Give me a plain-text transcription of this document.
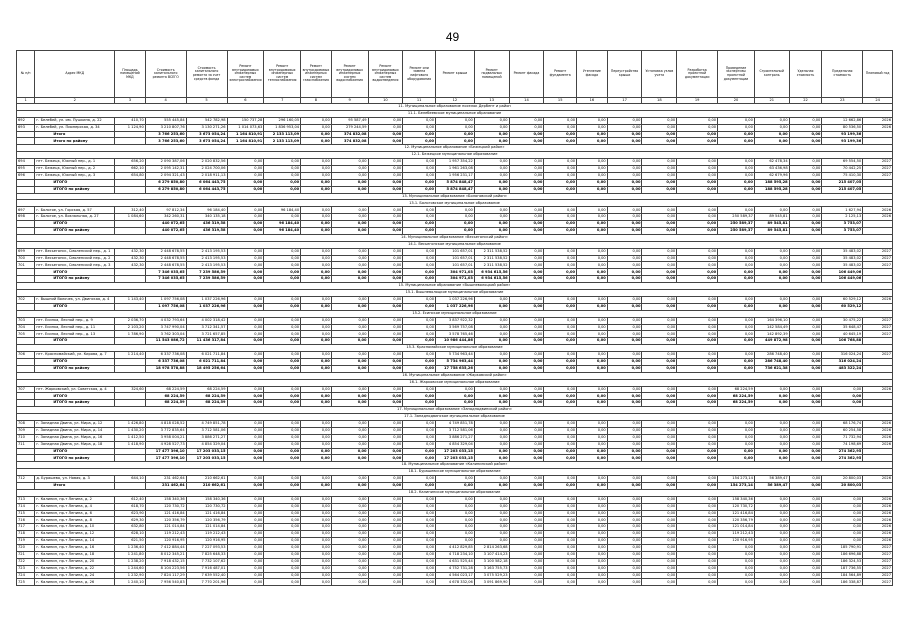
49
№ п/п	Адрес МКД	Площадь помещений МКД	Стоимость капитального ремонта ВСЕГО	Стоимость капитального ремонта за счет средств фонда	Ремонт внутридомовых инженерных систем электроснабжения	Ремонт внутридомовых инженерных систем теплоснабжения	Ремонт внутридомовых инженерных систем газоснабжения	Ремонт внутридомовых инженерных систем водоснабжения	Ремонт внутридомовых инженерных систем водоотведения	Ремонт или замена лифтового оборудования	Ремонт крыши	Ремонт подвальных помещений	Ремонт фасада	Ремонт фундамента	Утепление фасада	Переустройство крыши	Установка узлов учета	Разработка проектной документации	Проведение экспертизы проектной документации	Строительный контроль	Удельная стоимость	Предельная стоимость	Плановый год
1	2	3	4	5	6	7	8	9	10	11	12	13	14	15	16	17	18	19	20	21	22	23	24
11. Муниципальное образование поселок Дербент и район																							
11.1. Белебеевское муниципальное образование																							
692	г. Белебей, ул. им. Пушкина, д. 22	410,70	555 445,84	542 782,98	150 737,28	296 160,05	0,00	95 587,49	0,00	0,00	0,00	0,00	0,00	0,00	0,00	0,00	0,00	0,00	0,00	0,00	0,00	12 662,86	2026
693	г. Белебей, ул. Пионерская, д. 34	1 124,90	3 210 807,76	3 130 271,26	1 014 073,63	1 836 953,04	0,00	279 244,59	0,00	0,00	0,00	0,00	0,00	0,00	0,00	0,00	0,00	0,00	0,00	0,00	0,00	80 536,50	2026
	Итого		3 766 253,60	3 673 054,24	1 164 810,91	2 133 113,09	0,00	374 832,08	0,00	0,00	0,00	0,00	0,00	0,00	0,00	0,00	0,00	0,00	0,00	0,00	0,00	93 199,36	
	Итого по району		3 766 253,60	3 673 054,24	1 164 810,91	2 133 113,09	0,00	374 832,08	0,00	0,00	0,00	0,00	0,00	0,00	0,00	0,00	0,00	0,00	0,00	0,00	0,00	93 199,36	
12. Муниципальное образование «Бежецкий район»																							
12.1. Бежецкое муниципальное образование																							
694	пгт. Бежецк, Южный пер., д. 1	656,20	2 090 387,06	2 020 832,56	0,00	0,00	0,00	0,00	0,00	0,00	1 957 354,22	0,00	0,00	0,00	0,00	0,00	0,00	0,00	0,00	62 478,34	0,00	69 554,50	2027
695	пгт. Бежецк, Южный пер., д. 2	662,10	2 095 142,31	2 024 700,06	0,00	0,00	0,00	0,00	0,00	0,00	1 961 263,08	0,00	0,00	0,00	0,00	0,00	0,00	0,00	0,00	63 436,98	0,00	70 442,25	2027
696	пгт. Бежецк, Южный пер., д. 3	654,80	2 094 321,43	2 018 911,13	0,00	0,00	0,00	0,00	0,00	0,00	1 956 231,17	0,00	0,00	0,00	0,00	0,00	0,00	0,00	0,00	62 679,96	0,00	75 410,30	2027
	ИТОГО		6 279 850,80	6 064 443,75	0,00	0,00	0,00	0,00	0,00	0,00	5 874 848,47	0,00	0,00	0,00	0,00	0,00	0,00	0,00	0,00	188 595,28	0,00	215 407,05	
	ИТОГО по району		6 279 850,80	6 064 443,75	0,00	0,00	0,00	0,00	0,00	0,00	5 874 848,47	0,00	0,00	0,00	0,00	0,00	0,00	0,00	0,00	188 595,28	0,00	215 407,05	
13. Муниципальное образование «Бологовский район»																							
13.1. Бологовское муниципальное образование																							
697	г. Бологое, ул. Горская, д. 57	312,40	97 812,34	96 184,40	0,00	96 184,40	0,00	0,00	0,00	0,00	0,00	0,00	0,00	0,00	0,00	0,00	0,00	0,00	0,00	0,00	0,00	1 627,94	2026
698	г. Бологое, ул. Вокзальная, д. 27	1 084,60	342 260,31	340 135,18	0,00	0,00	0,00	0,00	0,00	0,00	0,00	0,00	0,00	0,00	0,00	0,00	0,00	0,00	250 589,37	89 545,81	0,00	2 125,13	2026
	ИТОГО		440 072,65	436 319,58	0,00	96 184,40	0,00	0,00	0,00	0,00	0,00	0,00	0,00	0,00	0,00	0,00	0,00	0,00	250 589,37	89 545,81	0,00	3 753,07	
	ИТОГО по району		440 072,65	436 319,58	0,00	96 184,40	0,00	0,00	0,00	0,00	0,00	0,00	0,00	0,00	0,00	0,00	0,00	0,00	250 589,37	89 545,81	0,00	3 753,07	
14. Муниципальное образование «Весьегонский район»																							
14.1. Весьегонское муниципальное образование																							
699	пгт. Весьегонск, Смоленский пер., д. 1	432,30	2 448 678,55	2 413 195,53	0,00	0,00	0,00	0,00	0,00	0,00	101 657,01	2 311 538,52	0,00	0,00	0,00	0,00	0,00	0,00	0,00	0,00	0,00	35 483,02	2027
700	пгт. Весьегонск, Смоленский пер., д. 2	432,30	2 448 678,55	2 413 195,53	0,00	0,00	0,00	0,00	0,00	0,00	101 657,01	2 311 538,52	0,00	0,00	0,00	0,00	0,00	0,00	0,00	0,00	0,00	35 483,02	2027
701	пгт. Весьегонск, Смоленский пер., д. 3	432,30	2 448 678,55	2 413 195,53	0,00	0,00	0,00	0,00	0,00	0,00	101 657,01	2 311 538,52	0,00	0,00	0,00	0,00	0,00	0,00	0,00	0,00	0,00	35 483,02	2027
	ИТОГО		7 346 035,65	7 239 586,59	0,00	0,00	0,00	0,00	0,00	0,00	304 971,03	6 934 615,56	0,00	0,00	0,00	0,00	0,00	0,00	0,00	0,00	0,00	106 449,06	
	ИТОГО по району		7 346 035,65	7 239 586,59	0,00	0,00	0,00	0,00	0,00	0,00	304 971,03	6 934 615,56	0,00	0,00	0,00	0,00	0,00	0,00	0,00	0,00	0,00	106 449,06	
15. Муниципальное образование «Вышневолоцкий район»																							
15.1. Вышневолоцкое муниципальное образование																							
702	г. Вышний Волочек, ул. Двинская, д. 4	1 143,40	1 097 756,08	1 037 226,96	0,00	0,00	0,00	0,00	0,00	0,00	1 037 226,96	0,00	0,00	0,00	0,00	0,00	0,00	0,00	0,00	0,00	0,00	60 529,12	2026
	ИТОГО		1 097 756,08	1 037 226,96	0,00	0,00	0,00	0,00	0,00	0,00	1 037 226,96	0,00	0,00	0,00	0,00	0,00	0,00	0,00	0,00	0,00	0,00	60 529,12	
15.2. Есинское муниципальное образование																							
703	пгт. Есинка, Лесной пер., д. 9	2 036,70	4 032 793,64	4 002 318,42	0,00	0,00	0,00	0,00	0,00	0,00	3 837 922,32	0,00	0,00	0,00	0,00	0,00	0,00	0,00	0,00	164 396,10	0,00	30 475,22	2027
704	пгт. Есинка, Лесной пер., д. 11	2 103,20	3 747 990,04	3 712 341,57	0,00	0,00	0,00	0,00	0,00	0,00	3 569 757,08	0,00	0,00	0,00	0,00	0,00	0,00	0,00	0,00	142 584,49	0,00	35 648,47	2027
705	пгт. Есинка, Лесной пер., д. 13	1 786,90	3 762 303,04	3 721 657,85	0,00	0,00	0,00	0,00	0,00	0,00	3 578 765,46	0,00	0,00	0,00	0,00	0,00	0,00	0,00	0,00	142 892,39	0,00	40 645,19	2027
	ИТОГО		11 543 086,72	11 436 317,84	0,00	0,00	0,00	0,00	0,00	0,00	10 986 444,86	0,00	0,00	0,00	0,00	0,00	0,00	0,00	0,00	449 872,98	0,00	106 768,88	
15.3. Красномайское муниципальное образование																							
706	пгт. Красномайский, ул. Кирова, д. 7	1 214,40	6 337 736,08	6 021 711,84	0,00	0,00	0,00	0,00	0,00	0,00	5 734 963,44	0,00	0,00	0,00	0,00	0,00	0,00	0,00	0,00	286 748,40	0,00	316 024,24	2027
	ИТОГО		6 337 736,08	6 021 711,84	0,00	0,00	0,00	0,00	0,00	0,00	5 734 963,44	0,00	0,00	0,00	0,00	0,00	0,00	0,00	0,00	286 748,40	0,00	316 024,24	
	ИТОГО по району		18 978 578,88	18 495 256,64	0,00	0,00	0,00	0,00	0,00	0,00	17 758 635,26	0,00	0,00	0,00	0,00	0,00	0,00	0,00	0,00	736 621,38	0,00	483 322,24	
16. Муниципальное образование «Жарковский район»																							
16.1. Жарковское муниципальное образование																							
707	пгт. Жарковский, ул. Советская, д. 4	324,60	68 224,59	68 224,59	0,00	0,00	0,00	0,00	0,00	0,00	0,00	0,00	0,00	0,00	0,00	0,00	0,00	0,00	68 224,59	0,00	0,00	0,00	2026
	ИТОГО		68 224,59	68 224,59	0,00	0,00	0,00	0,00	0,00	0,00	0,00	0,00	0,00	0,00	0,00	0,00	0,00	0,00	68 224,59	0,00	0,00	0,00	
	ИТОГО по району		68 224,59	68 224,59	0,00	0,00	0,00	0,00	0,00	0,00	0,00	0,00	0,00	0,00	0,00	0,00	0,00	0,00	68 224,59	0,00	0,00	0,00	
17. Муниципальное образование «Западнодвинский район»																							
17.1. Западнодвинское муниципальное образование																							
708	г. Западная Двина, ул. Мира, д. 12	1 426,80	4 818 028,52	4 749 851,78	0,00	0,00	0,00	0,00	0,00	0,00	4 749 851,78	0,00	0,00	0,00	0,00	0,00	0,00	0,00	0,00	0,00	0,00	68 176,74	2026
709	г. Западная Двина, ул. Мира, д. 14	1 430,20	3 772 835,64	3 712 581,06	0,00	0,00	0,00	0,00	0,00	0,00	3 712 581,06	0,00	0,00	0,00	0,00	0,00	0,00	0,00	0,00	0,00	0,00	60 254,58	2026
710	г. Западная Двина, ул. Мира, д. 16	1 412,50	3 958 004,21	3 886 271,27	0,00	0,00	0,00	0,00	0,00	0,00	3 886 271,27	0,00	0,00	0,00	0,00	0,00	0,00	0,00	0,00	0,00	0,00	71 732,94	2026
711	г. Западная Двина, ул. Мира, д. 18	1 418,90	4 928 527,73	4 854 329,04	0,00	0,00	0,00	0,00	0,00	0,00	4 854 329,04	0,00	0,00	0,00	0,00	0,00	0,00	0,00	0,00	0,00	0,00	74 198,69	2026
	ИТОГО		17 477 396,10	17 203 033,15	0,00	0,00	0,00	0,00	0,00	0,00	17 203 033,15	0,00	0,00	0,00	0,00	0,00	0,00	0,00	0,00	0,00	0,00	274 362,95	
	ИТОГО по району		17 477 396,10	17 203 033,15	0,00	0,00	0,00	0,00	0,00	0,00	17 203 033,15	0,00	0,00	0,00	0,00	0,00	0,00	0,00	0,00	0,00	0,00	274 362,95	
18. Муниципальное образование «Калининский район»																							
18.1. Бурашевское муниципальное образование																							
712	д. Бурашево, ул. Новая, д. 3	644,10	231 462,64	210 662,61	0,00	0,00	0,00	0,00	0,00	0,00	0,00	0,00	0,00	0,00	0,00	0,00	0,00	0,00	154 273,14	56 389,47	0,00	20 800,03	2026
	Итого		231 462,64	210 662,61	0,00	0,00	0,00	0,00	0,00	0,00	0,00	0,00	0,00	0,00	0,00	0,00	0,00	0,00	154 273,14	56 389,47	0,00	20 800,03	
18.2. Калининское муниципальное образование																							
713	г. Калинин, пр-т Ленина, д. 2	612,40	158 340,36	158 340,36	0,00	0,00	0,00	0,00	0,00	0,00	0,00	0,00	0,00	0,00	0,00	0,00	0,00	0,00	158 340,36	0,00	0,00	0,00	2026
714	г. Калинин, пр-т Ленина, д. 4	618,70	120 730,72	120 730,72	0,00	0,00	0,00	0,00	0,00	0,00	0,00	0,00	0,00	0,00	0,00	0,00	0,00	0,00	120 730,72	0,00	0,00	0,00	2026
715	г. Калинин, пр-т Ленина, д. 6	623,90	121 416,84	121 416,84	0,00	0,00	0,00	0,00	0,00	0,00	0,00	0,00	0,00	0,00	0,00	0,00	0,00	0,00	121 416,84	0,00	0,00	0,00	2026
716	г. Калинин, пр-т Ленина, д. 8	629,30	120 356,79	120 356,79	0,00	0,00	0,00	0,00	0,00	0,00	0,00	0,00	0,00	0,00	0,00	0,00	0,00	0,00	120 356,79	0,00	0,00	0,00	2026
717	г. Калинин, пр-т Ленина, д. 10	632,80	121 014,84	121 014,84	0,00	0,00	0,00	0,00	0,00	0,00	0,00	0,00	0,00	0,00	0,00	0,00	0,00	0,00	121 014,84	0,00	0,00	0,00	2026
718	г. Калинин, пр-т Ленина, д. 12	628,10	119 212,43	119 212,43	0,00	0,00	0,00	0,00	0,00	0,00	0,00	0,00	0,00	0,00	0,00	0,00	0,00	0,00	119 212,43	0,00	0,00	0,00	2026
719	г. Калинин, пр-т Ленина, д. 14	621,50	120 916,95	120 916,95	0,00	0,00	0,00	0,00	0,00	0,00	0,00	0,00	0,00	0,00	0,00	0,00	0,00	0,00	120 916,95	0,00	0,00	0,00	2026
720	г. Калинин, пр-т Ленина, д. 16	1 236,40	7 412 884,44	7 227 093,53	0,00	0,00	0,00	0,00	0,00	0,00	4 412 829,85	2 814 263,68	0,00	0,00	0,00	0,00	0,00	0,00	0,00	0,00	0,00	185 790,91	2027
721	г. Калинин, пр-т Ленина, д. 18	1 241,80	8 012 345,21	7 825 648,33	0,00	0,00	0,00	0,00	0,00	0,00	4 718 234,10	3 107 414,23	0,00	0,00	0,00	0,00	0,00	0,00	0,00	0,00	0,00	186 696,88	2027
722	г. Калинин, пр-т Ленина, д. 20	1 238,20	7 918 432,15	7 732 107,62	0,00	0,00	0,00	0,00	0,00	0,00	4 631 525,44	3 100 582,18	0,00	0,00	0,00	0,00	0,00	0,00	0,00	0,00	0,00	186 324,53	2027
723	г. Калинин, пр-т Ленина, д. 22	1 244,60	8 104 223,56	7 916 487,01	0,00	0,00	0,00	0,00	0,00	0,00	4 752 731,28	3 163 755,73	0,00	0,00	0,00	0,00	0,00	0,00	0,00	0,00	0,00	187 736,55	2027
724	г. Калинин, пр-т Ленина, д. 24	1 232,90	7 824 117,29	7 639 552,40	0,00	0,00	0,00	0,00	0,00	0,00	4 564 023,17	3 075 529,23	0,00	0,00	0,00	0,00	0,00	0,00	0,00	0,00	0,00	184 564,89	2027
725	г. Калинин, пр-т Ленина, д. 26	1 240,10	7 956 540,83	7 770 201,96	0,00	0,00	0,00	0,00	0,00	0,00	4 678 332,06	3 091 869,90	0,00	0,00	0,00	0,00	0,00	0,00	0,00	0,00	0,00	186 338,87	2027
